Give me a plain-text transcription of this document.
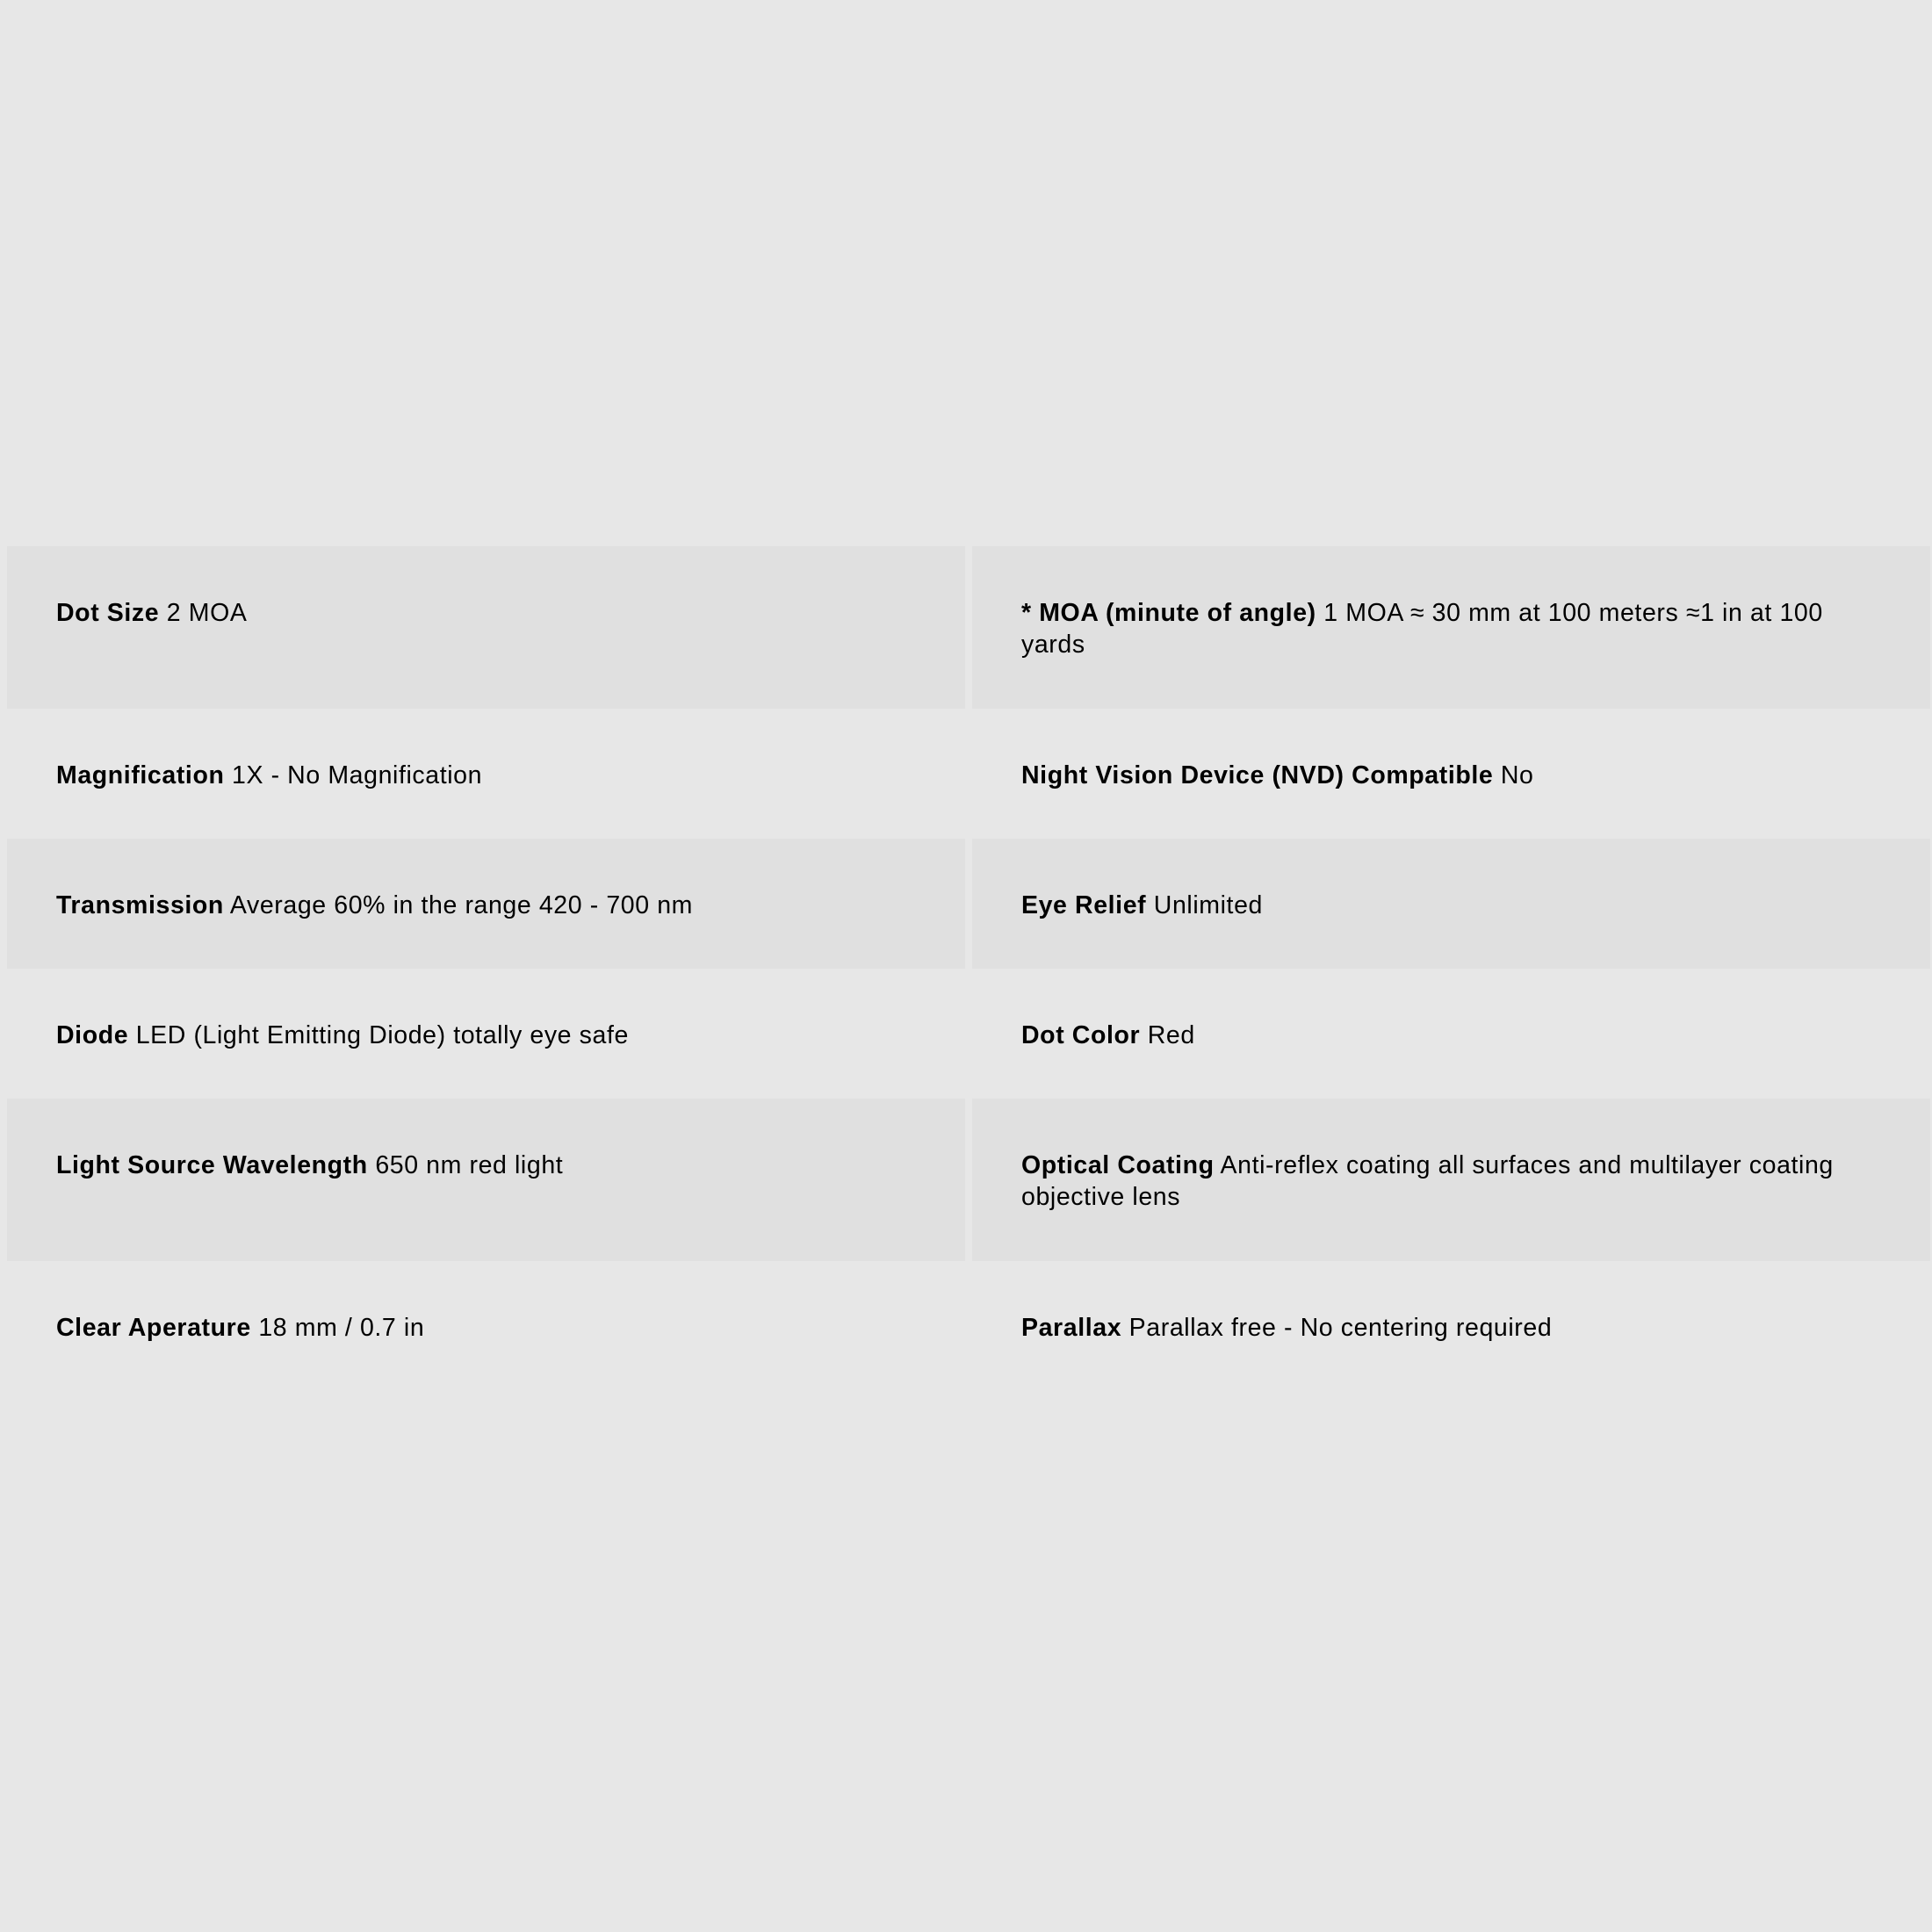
Dot Size 2 MOA	* MOA (minute of angle) 1 MOA ≈ 30 mm at 100 meters ≈1 in at 100 yards
Magnification 1X - No Magnification	Night Vision Device (NVD) Compatible No
Transmission Average 60% in the range 420 - 700 nm	Eye Relief Unlimited
Diode LED (Light Emitting Diode) totally eye safe	Dot Color Red
Light Source Wavelength 650 nm red light	Optical Coating Anti-reflex coating all surfaces and multilayer coating objective lens
Clear Aperature 18 mm / 0.7 in	Parallax Parallax free - No centering required
